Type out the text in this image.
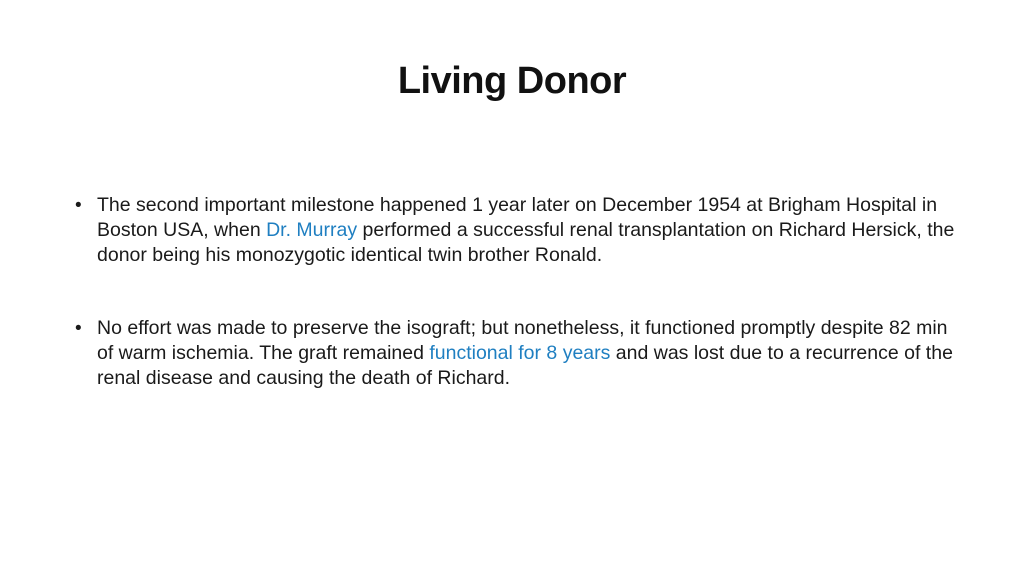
Living Donor
• The second important milestone happened 1 year later on December 1954 at Brigham Hospital in Boston USA, when Dr. Murray performed a successful renal transplantation on Richard Hersick, the donor being his monozygotic identical twin brother Ronald.
• No effort was made to preserve the isograft; but nonetheless, it functioned promptly despite 82 min of warm ischemia. The graft remained functional for 8 years and was lost due to a recurrence of the renal disease and causing the death of Richard.
